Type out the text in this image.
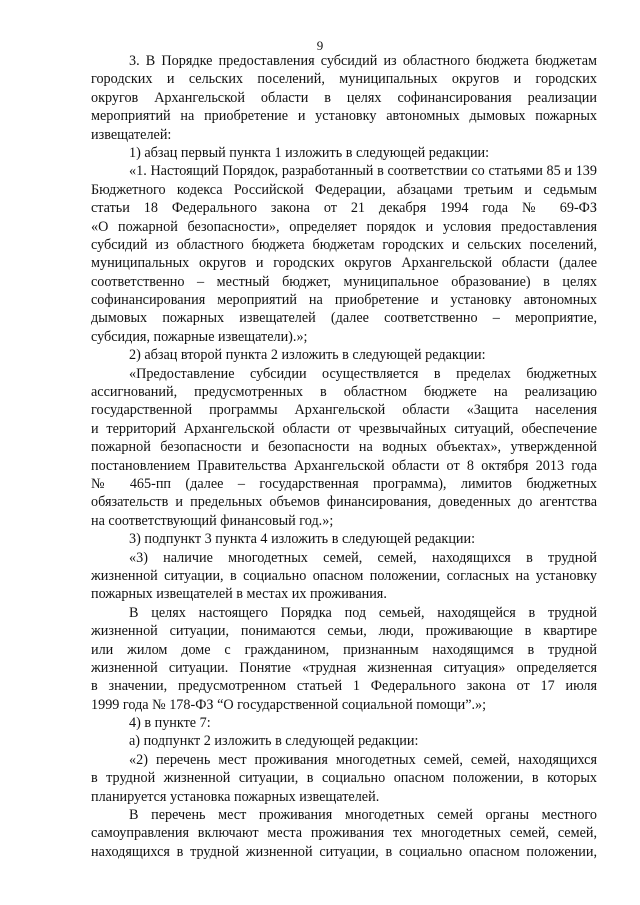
9
3. В Порядке предоставления субсидий из областного бюджета бюджетам
городских и сельских поселений, муниципальных округов и городских
округов Архангельской области в целях софинансирования реализации
мероприятий на приобретение и установку автономных дымовых пожарных
извещателей:
1) абзац первый пункта 1 изложить в следующей редакции:
«1. Настоящий Порядок, разработанный в соответствии со статьями 85 и 139
Бюджетного кодекса Российской Федерации, абзацами третьим и седьмым
статьи 18 Федерального закона от 21 декабря 1994 года № 69-ФЗ
«О пожарной безопасности», определяет порядок и условия предоставления
субсидий из областного бюджета бюджетам городских и сельских поселений,
муниципальных округов и городских округов Архангельской области (далее
соответственно – местный бюджет, муниципальное образование) в целях
софинансирования мероприятий на приобретение и установку автономных
дымовых пожарных извещателей (далее соответственно – мероприятие,
субсидия, пожарные извещатели).»;
2) абзац второй пункта 2 изложить в следующей редакции:
«Предоставление субсидии осуществляется в пределах бюджетных
ассигнований, предусмотренных в областном бюджете на реализацию
государственной программы Архангельской области «Защита населения
и территорий Архангельской области от чрезвычайных ситуаций, обеспечение
пожарной безопасности и безопасности на водных объектах», утвержденной
постановлением Правительства Архангельской области от 8 октября 2013 года
№ 465-пп (далее – государственная программа), лимитов бюджетных
обязательств и предельных объемов финансирования, доведенных до агентства
на соответствующий финансовый год.»;
3) подпункт 3 пункта 4 изложить в следующей редакции:
«3) наличие многодетных семей, семей, находящихся в трудной
жизненной ситуации, в социально опасном положении, согласных на установку
пожарных извещателей в местах их проживания.
В целях настоящего Порядка под семьей, находящейся в трудной
жизненной ситуации, понимаются семьи, люди, проживающие в квартире
или жилом доме с гражданином, признанным находящимся в трудной
жизненной ситуации. Понятие «трудная жизненная ситуация» определяется
в значении, предусмотренном статьей 1 Федерального закона от 17 июля
1999 года № 178-ФЗ “О государственной социальной помощи”.»;
4) в пункте 7:
а) подпункт 2 изложить в следующей редакции:
«2) перечень мест проживания многодетных семей, семей, находящихся
в трудной жизненной ситуации, в социально опасном положении, в которых
планируется установка пожарных извещателей.
В перечень мест проживания многодетных семей органы местного
самоуправления включают места проживания тех многодетных семей, семей,
находящихся в трудной жизненной ситуации, в социально опасном положении,
